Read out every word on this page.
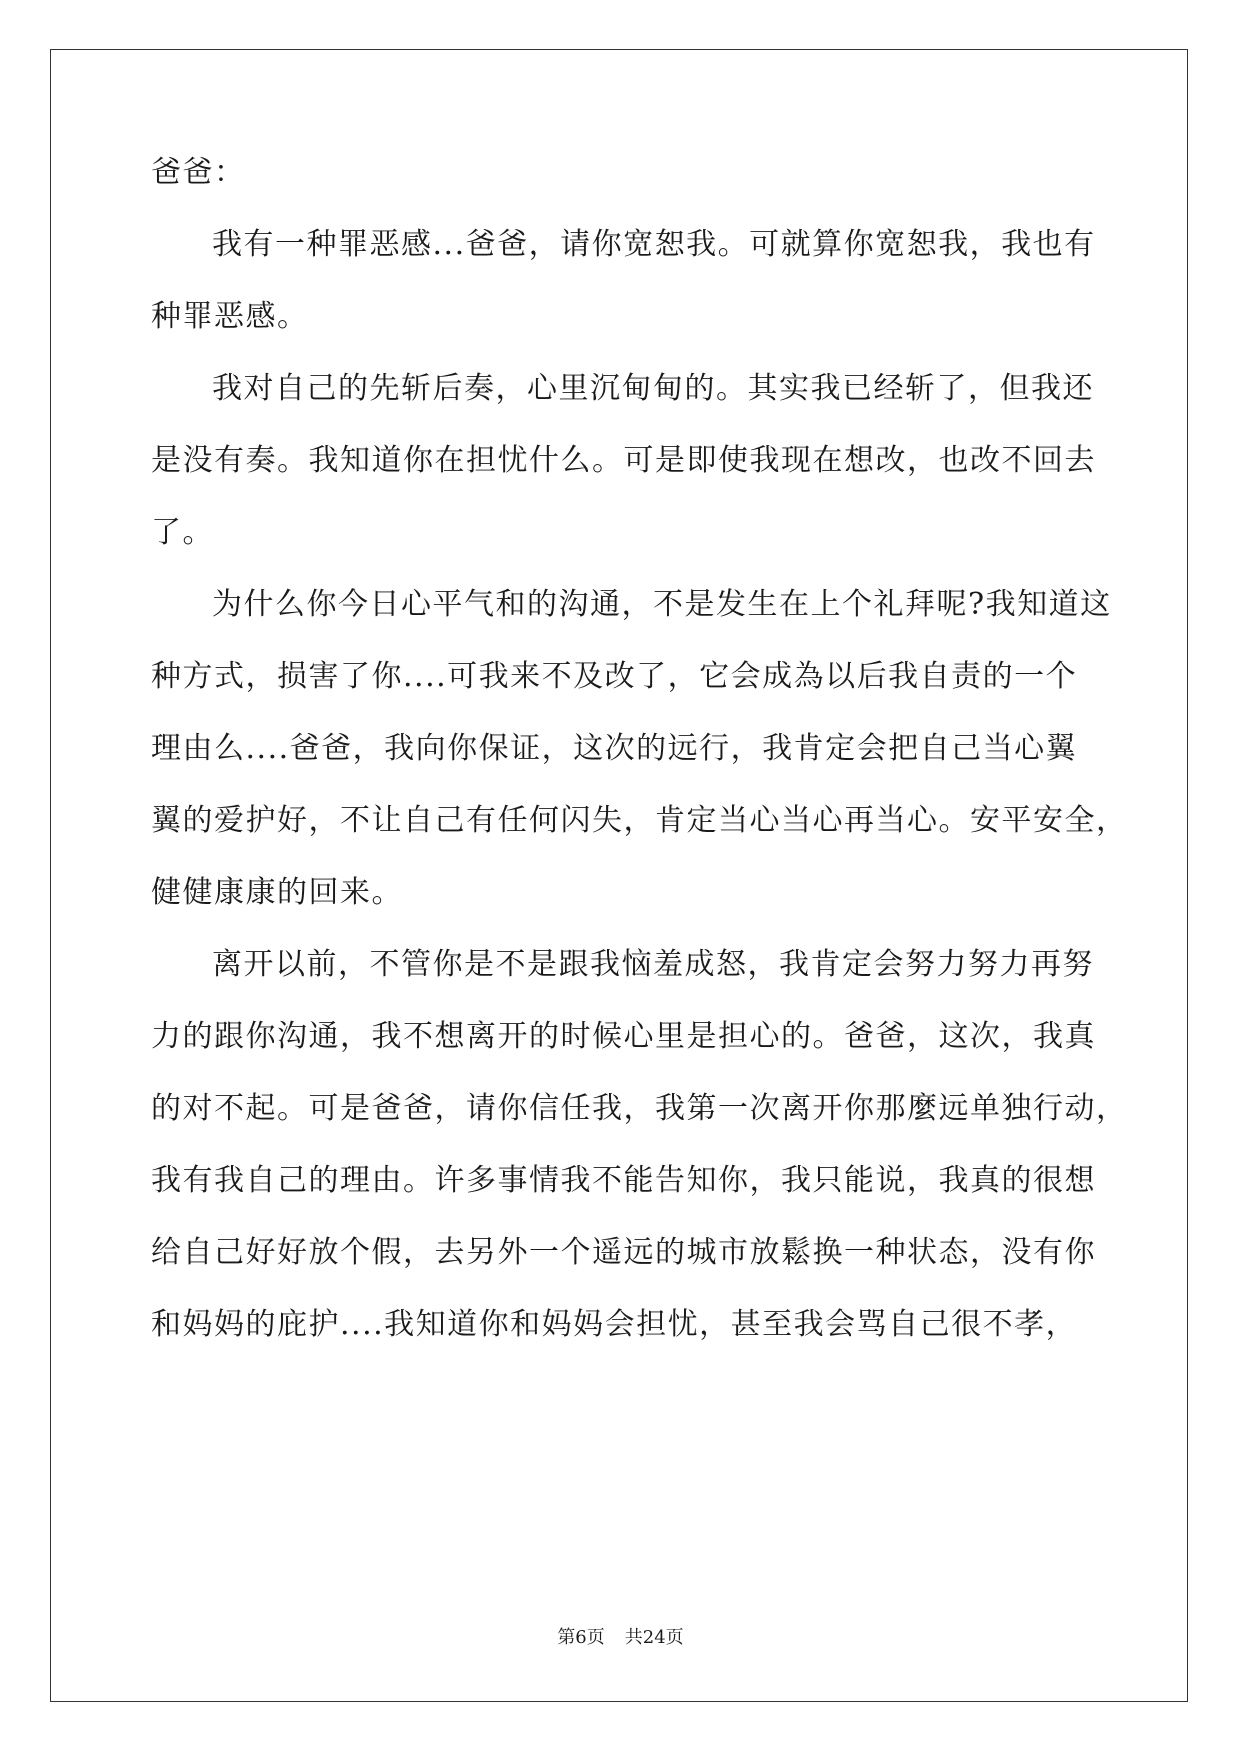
爸爸：
我有一种罪恶感...爸爸，请你宽恕我。可就算你宽恕我，我也有
种罪恶感。
我对自己的先斩后奏，心里沉甸甸的。其实我已经斩了，但我还
是没有奏。我知道你在担忧什么。可是即使我现在想改，也改不回去
了。
为什么你今日心平气和的沟通，不是发生在上个礼拜呢?我知道这
种方式，损害了你....可我来不及改了，它会成為以后我自责的一个
理由么....爸爸，我向你保证，这次的远行，我肯定会把自己当心翼
翼的爱护好，不让自己有任何闪失，肯定当心当心再当心。安平安全，
健健康康的回来。
离开以前，不管你是不是跟我恼羞成怒，我肯定会努力努力再努
力的跟你沟通，我不想离开的时候心里是担心的。爸爸，这次，我真
的对不起。可是爸爸，请你信任我，我第一次离开你那麼远单独行动，
我有我自己的理由。许多事情我不能告知你，我只能说，我真的很想
给自己好好放个假，去另外一个遥远的城市放鬆换一种状态，没有你
和妈妈的庇护....我知道你和妈妈会担忧，甚至我会骂自己很不孝，
第6页 共24页
